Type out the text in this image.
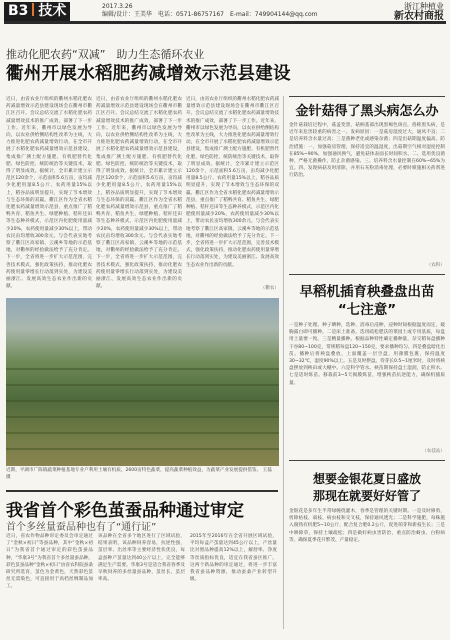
B3 技术	2017.3.26
编辑/设计：王美华　电话：0571-86757167　E-mail：749904144@qq.com
浙江种植业
新农村商报
推动化肥农药“双减”　助力生态循环农业
衢州开展水稻肥药减增效示范县建设
近日，由省农业厅组织的衢州水稻化肥农药减量增效示范县建设现场会在衢州市衢江区召开。会议总结交流了水稻化肥农药减量增效技术的推广成效，部署了下一步工作。近年来，衢州市以绿色发展为导向，以农业供给侧结构性改革为主线，大力推进化肥农药减量增效行动，在全市开展了水稻化肥农药减量增效示范县建设，集成推广测土配方施肥、有机肥替代化肥、绿色防控、统防统治等关键技术，取得了明显成效。据统计，全市累计建立示范区120余个，示范面积5.6万亩，亩均减少化肥用量8.5公斤、农药用量15%以上，稻谷品质明显提升，实现了节本增效与生态环保的双赢。衢江区作为全省水稻化肥农药减量增效示范县，重点推广了稻鸭共育、稻鱼共生、绿肥种植、秸秆还田等生态种养模式，示范区内化肥使用量减少20%，农药使用量减少30%以上，带动农民亩均增收300余元。与会代表实地考察了衢江区高家镇、云溪乡等地的示范基地，对衢州的经验做法给予了充分肯定。下一步，全省将进一步扩大示范范围，完善技术模式，强化政策扶持，推动化肥农药使用量零增长行动落到实处，为建设美丽浙江、发展高效生态农业作出新的贡献。
近日，由省农业厅组织的衢州水稻化肥农药减量增效示范县建设现场会在衢州市衢江区召开。会议总结交流了水稻化肥农药减量增效技术的推广成效，部署了下一步工作。近年来，衢州市以绿色发展为导向，以农业供给侧结构性改革为主线，大力推进化肥农药减量增效行动，在全市开展了水稻化肥农药减量增效示范县建设，集成推广测土配方施肥、有机肥替代化肥、绿色防控、统防统治等关键技术，取得了明显成效。据统计，全市累计建立示范区120余个，示范面积5.6万亩，亩均减少化肥用量8.5公斤、农药用量15%以上，稻谷品质明显提升，实现了节本增效与生态环保的双赢。衢江区作为全省水稻化肥农药减量增效示范县，重点推广了稻鸭共育、稻鱼共生、绿肥种植、秸秆还田等生态种养模式，示范区内化肥使用量减少20%，农药使用量减少30%以上，带动农民亩均增收300余元。与会代表实地考察了衢江区高家镇、云溪乡等地的示范基地，对衢州的经验做法给予了充分肯定。下一步，全省将进一步扩大示范范围，完善技术模式，强化政策扶持，推动化肥农药使用量零增长行动落到实处，为建设美丽浙江、发展高效生态农业作出新的贡献。
近日，由省农业厅组织的衢州水稻化肥农药减量增效示范县建设现场会在衢州市衢江区召开。会议总结交流了水稻化肥农药减量增效技术的推广成效，部署了下一步工作。近年来，衢州市以绿色发展为导向，以农业供给侧结构性改革为主线，大力推进化肥农药减量增效行动，在全市开展了水稻化肥农药减量增效示范县建设，集成推广测土配方施肥、有机肥替代化肥、绿色防控、统防统治等关键技术，取得了明显成效。据统计，全市累计建立示范区120余个，示范面积5.6万亩，亩均减少化肥用量8.5公斤、农药用量15%以上，稻谷品质明显提升，实现了节本增效与生态环保的双赢。衢江区作为全省水稻化肥农药减量增效示范县，重点推广了稻鸭共育、稻鱼共生、绿肥种植、秸秆还田等生态种养模式，示范区内化肥使用量减少20%，农药使用量减少30%以上，带动农民亩均增收300余元。与会代表实地考察了衢江区高家镇、云溪乡等地的示范基地，对衢州的经验做法给予了充分肯定。下一步，全省将进一步扩大示范范围，完善技术模式，强化政策扶持，推动化肥农药使用量零增长行动落到实处，为建设美丽浙江、发展高效生态农业作出新的贡献。
（衢农）
近期，平湖市广陈镇蔬菜种植基地专业户利用土壤有机质、2600亩特色蔬菜，提高蔬菜种植效益，为蔬菜产业发展提供借鉴。 王磊　摄
金针菇得了黑头病怎么办
金针菇栽培过程中，菇盖变黑，菇柄基部出现黑褐色斑点，俗称黑头病，是近年来危害较重的病害之一。发病原因：一是菇房湿度过大，通风不良；二是培养料含水量过高；三是菌种老化或感染杂菌；四是出菇期温度偏高。防治措施：一、加强菇房管理，保持适宜的温湿度，出菇期空气相对湿度控制在85%~90%，加强通风换气，避免菇体表面长时间积水。二、选用优良菌种，严格无菌操作，防止杂菌感染。三、培养料含水量控制在60%~65%为宜。四、发现病菇及时清除，并用石灰粉消毒处理，必要时喷施相关药剂进行防治。
（农科）
早稻机插育秧叠盘出苗
“七注意”
一是种子处理。种子晒种，选种、消毒后浸种，浸种时间根据温度而定，破胸露白即可播种。二是床土准备。选用疏松肥沃的菜园土或专用基质，每盘用土量要一致。三是精量播种。根据品种特性确定播种量，杂交稻每盘播种干谷80~100克，常规稻每盘120~150克，要求播种均匀。四是叠盘暗化出苗。播种后将秧盘叠放，上面覆盖一层空盘，用薄膜包裹，保持温度30~32℃，湿度90%以上。五是及时摆盘。待芽长0.5~1厘米时，及时将秧盘摆放到秧田或大棚中。六是科学管水。秧苗期保持盘土湿润，防止积水。七是适时炼苗。移栽前3~5天揭膜炼苗，增强秧苗抗逆能力，确保机插质量。
（农技站）
想要金银花夏日盛放
那现在就要好好管了
金银花是多年生半常绿缠绕灌木，春季是管理的关键时期。一是及时修剪，剪除枯枝、弱枝、病虫枝和交叉枝，保持通风透光；二是科学施肥，每株施入腐熟有机肥5~10公斤，配合复合肥0.2公斤，促进萌芽和新枝生长；三是中耕除草，保持土壤疏松；四是做好病虫害防治，重点防治蚜虫、白粉病等，确保夏季花开繁茂、产量稳定。
我省首个彩色茧蚕品种通过审定
首个多丝量蚕品种也有了“通行证”
近日，省农作物品种审定委员会审定通过了“金秋×初日”等蚕品种，其中“金秋×初日”为我省首个通过审定的彩色茧蚕品种，“华康3号”为我省首个多丝量蚕品种。彩色茧蚕品种“金秋×初日”由省农科院蚕桑研究所选育，茧色为金黄色，天然彩色茧丝无需染色，可直接用于高档丝绸制品加工。
该品种在全省多个地区进行了区域试验，结果表明，该品种饲养容易，抗逆性强，茧层率、出丝率等主要经济性状优良，每盒蚕种产茧量达到40公斤以上，完全能够满足生产需要。华康3号是适合我省春季及早秋饲养的多丝量蚕品种，茧丝长、茧层率高。
2015年至2016年在全省开展区域试验，平均每盒产茧量达到45公斤以上，产丝量比对照品种提高12%以上，解舒率、净度等丝质指标优良，适宜在我省蚕区推广。这两个新品种的审定通过，将进一步丰富我省蚕品种资源，推动蚕桑产业转型升级。
